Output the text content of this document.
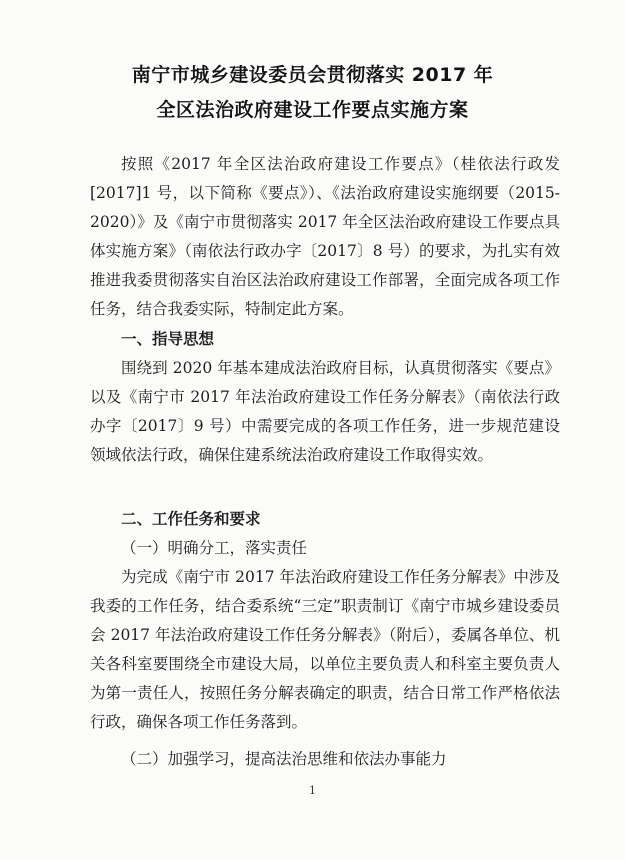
南宁市城乡建设委员会贯彻落实 2017 年
全区法治政府建设工作要点实施方案

按照《2017 年全区法治政府建设工作要点》（桂依法行政发[2017]1 号，以下简称《要点》）、《法治政府建设实施纲要（2015-2020）》及《南宁市贯彻落实 2017 年全区法治政府建设工作要点具体实施方案》（南依法行政办字〔2017〕8 号）的要求，为扎实有效推进我委贯彻落实自治区法治政府建设工作部署，全面完成各项工作任务，结合我委实际，特制定此方案。

一、指导思想

围绕到 2020 年基本建成法治政府目标，认真贯彻落实《要点》以及《南宁市 2017 年法治政府建设工作任务分解表》（南依法行政办字〔2017〕9 号）中需要完成的各项工作任务，进一步规范建设领域依法行政，确保住建系统法治政府建设工作取得实效。

二、工作任务和要求
（一）明确分工，落实责任

为完成《南宁市 2017 年法治政府建设工作任务分解表》中涉及我委的工作任务，结合委系统“三定”职责制订《南宁市城乡建设委员会 2017 年法治政府建设工作任务分解表》（附后），委属各单位、机关各科室要围绕全市建设大局，以单位主要负责人和科室主要负责人为第一责任人，按照任务分解表确定的职责，结合日常工作严格依法行政，确保各项工作任务落到。

（二）加强学习，提高法治思维和依法办事能力
1
